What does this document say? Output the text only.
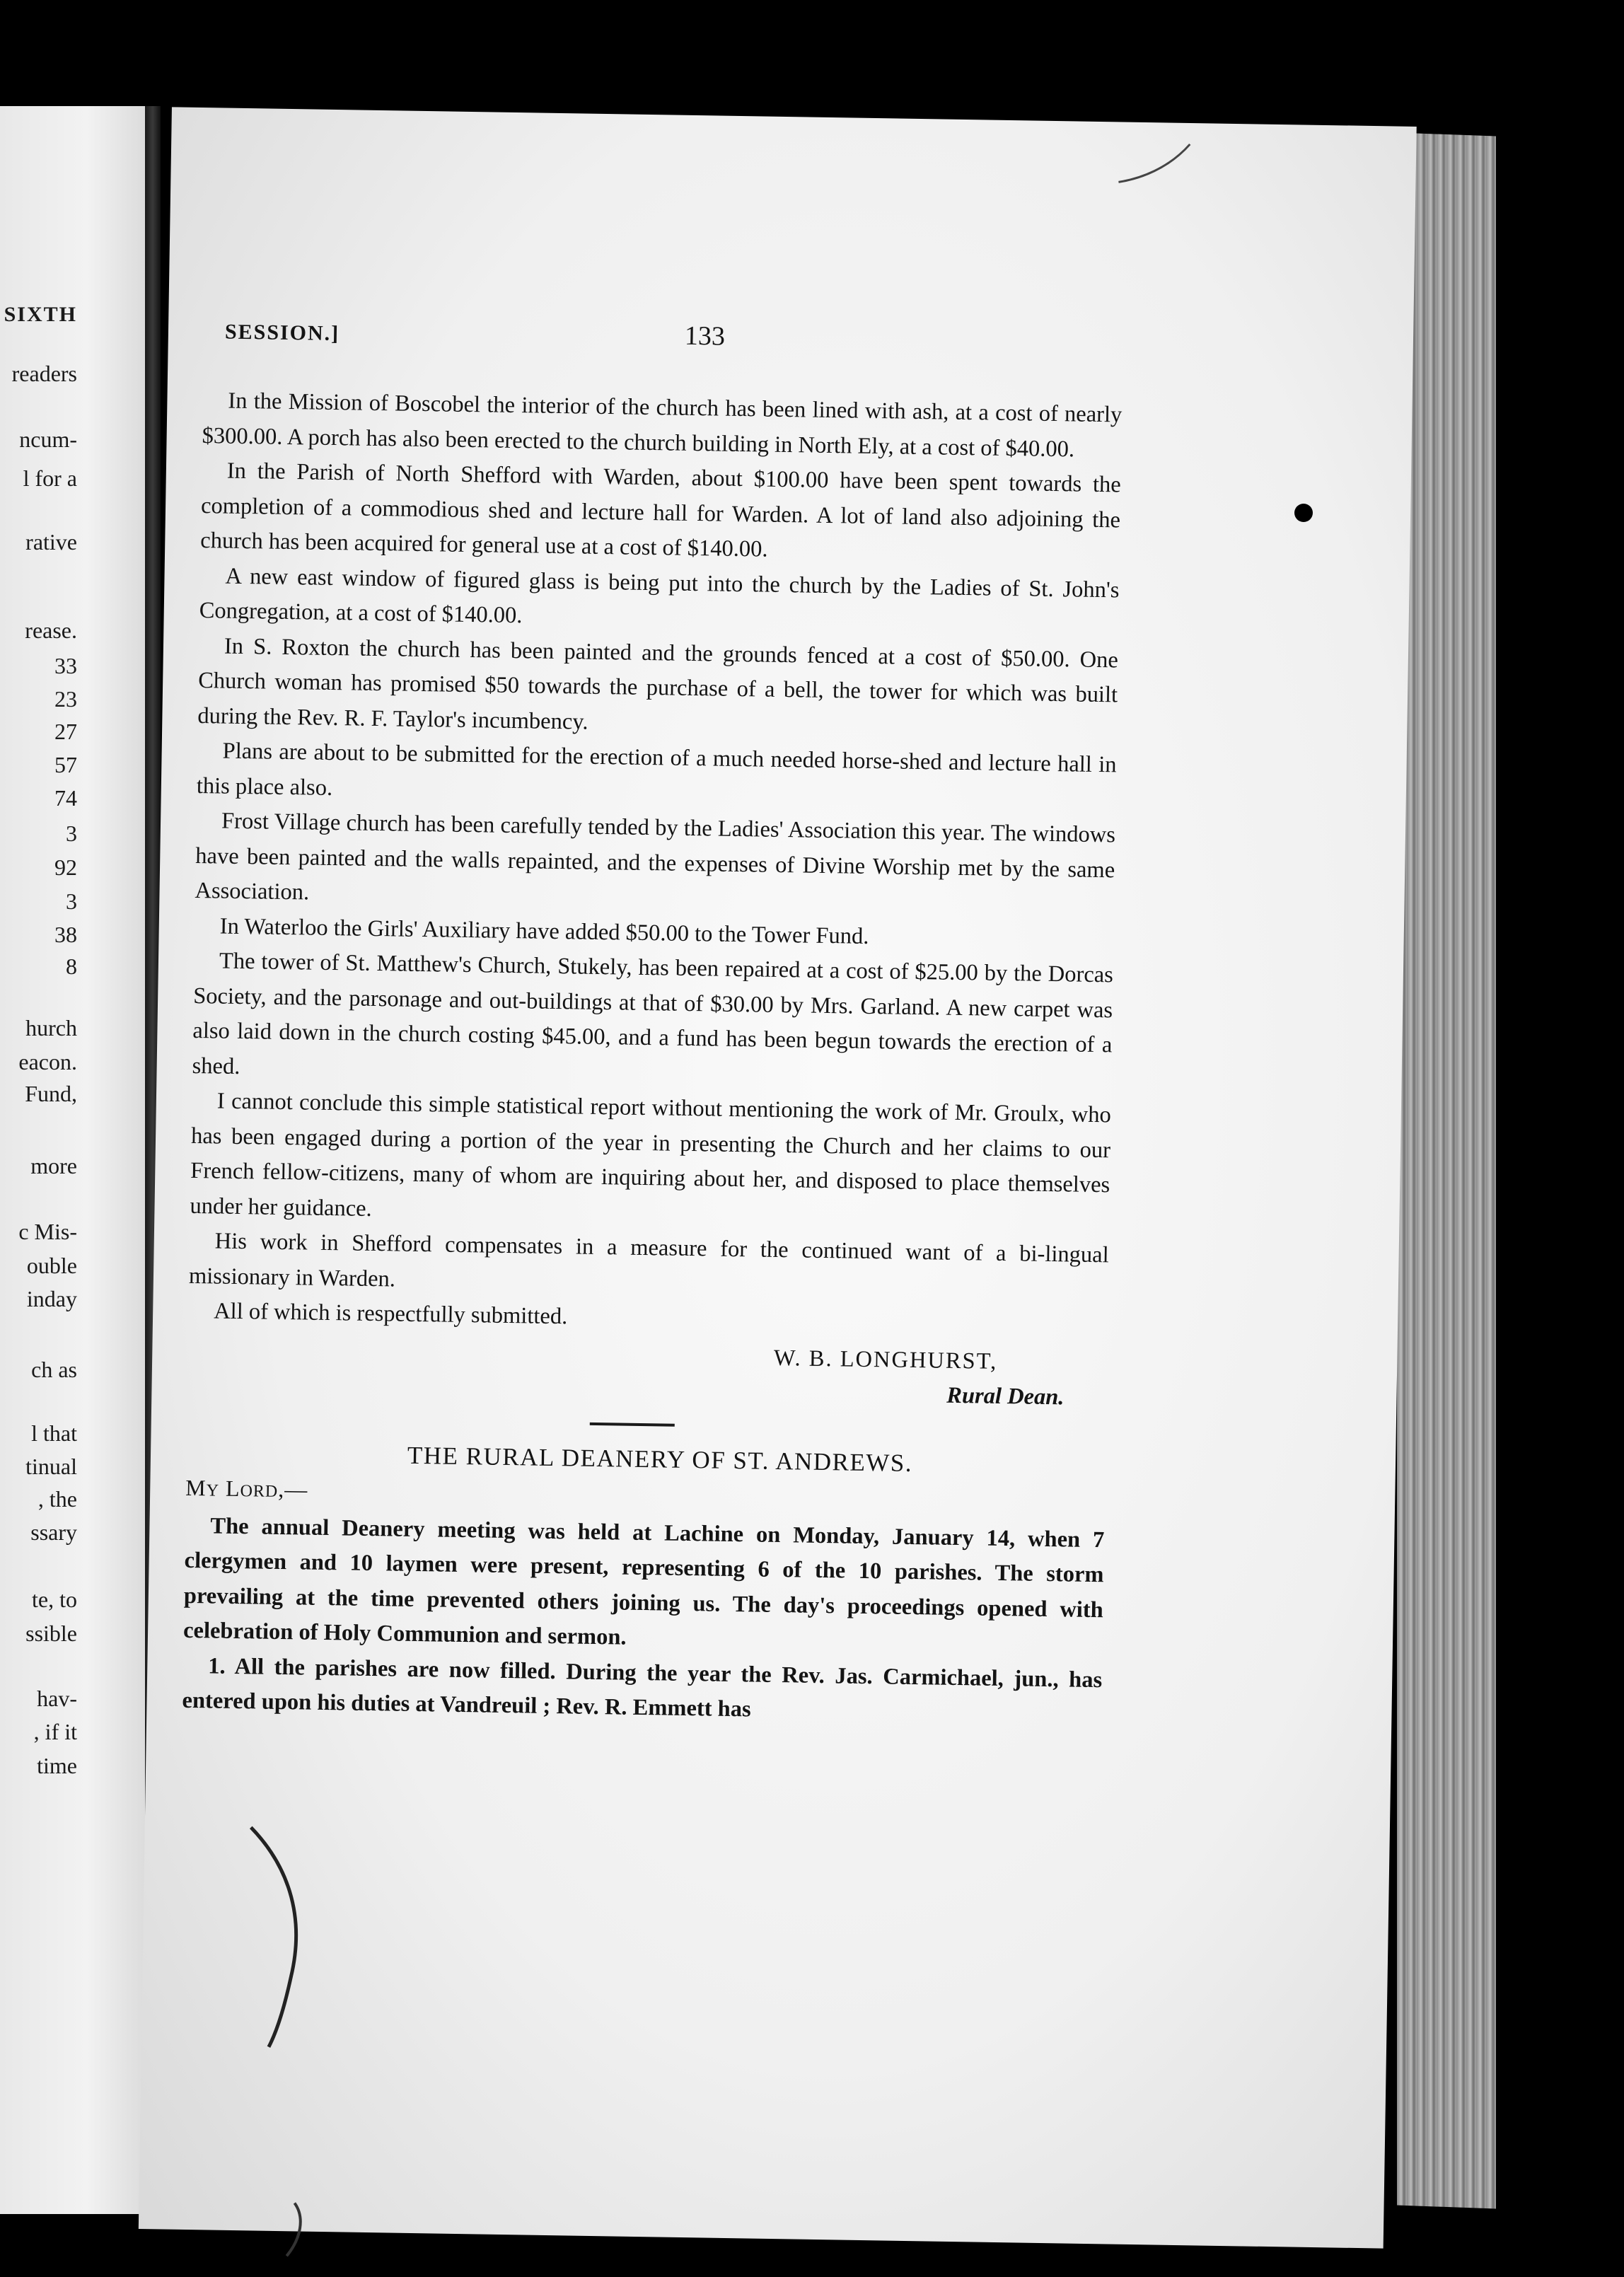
SIXTH
readers
ncum-
l for a
rative
rease.
33
23
27
57
74
3
92
3
38
8
hurch
eacon.
Fund,
more
c Mis-
ouble
inday
ch as
l that
tinual
, the
ssary
te, to
ssible
hav-
, if it
time
SESSION.]	133

In the Mission of Boscobel the interior of the church has been lined with ash, at a cost of nearly $300.00. A porch has also been erected to the church building in North Ely, at a cost of $40.00.

In the Parish of North Shefford with Warden, about $100.00 have been spent towards the completion of a commodious shed and lecture hall for Warden. A lot of land also adjoining the church has been acquired for general use at a cost of $140.00.

A new east window of figured glass is being put into the church by the Ladies of St. John's Congregation, at a cost of $140.00.

In S. Roxton the church has been painted and the grounds fenced at a cost of $50.00. One Church woman has promised $50 towards the purchase of a bell, the tower for which was built during the Rev. R. F. Taylor's incumbency.

Plans are about to be submitted for the erection of a much needed horse-shed and lecture hall in this place also.

Frost Village church has been carefully tended by the Ladies' Association this year. The windows have been painted and the walls repainted, and the expenses of Divine Worship met by the same Association.

In Waterloo the Girls' Auxiliary have added $50.00 to the Tower Fund.

The tower of St. Matthew's Church, Stukely, has been repaired at a cost of $25.00 by the Dorcas Society, and the parsonage and out-buildings at that of $30.00 by Mrs. Garland. A new carpet was also laid down in the church costing $45.00, and a fund has been begun towards the erection of a shed.

I cannot conclude this simple statistical report without mentioning the work of Mr. Groulx, who has been engaged during a portion of the year in presenting the Church and her claims to our French fellow-citizens, many of whom are inquiring about her, and disposed to place themselves under her guidance.

His work in Shefford compensates in a measure for the continued want of a bi-lingual missionary in Warden.

All of which is respectfully submitted.

W. B. LONGHURST,
Rural Dean.
THE RURAL DEANERY OF ST. ANDREWS.
MY LORD,—

The annual Deanery meeting was held at Lachine on Monday, January 14, when 7 clergymen and 10 laymen were present, representing 6 of the 10 parishes. The storm prevailing at the time prevented others joining us. The day's proceedings opened with celebration of Holy Communion and sermon.

1. All the parishes are now filled. During the year the Rev. Jas. Carmichael, jun., has entered upon his duties at Vandreuil ; Rev. R. Emmett has
